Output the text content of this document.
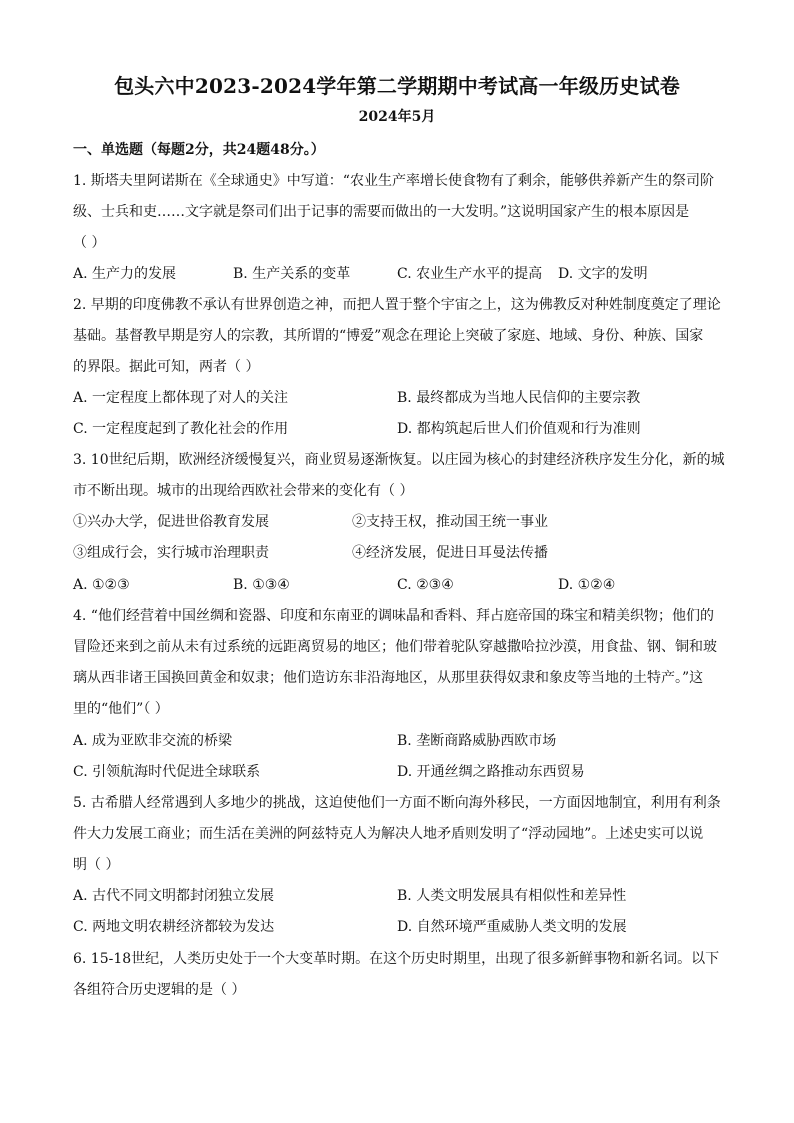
包头六中2023-2024学年第二学期期中考试高一年级历史试卷
2024年5月
一、单选题（每题2分，共24题48分。）
1. 斯塔夫里阿诺斯在《全球通史》中写道：“农业生产率增长使食物有了剩余，能够供养新产生的祭司阶
级、士兵和吏……文字就是祭司们出于记事的需要而做出的一大发明。”这说明国家产生的根本原因是
（ ）
A. 生产力的发展	B. 生产关系的变革	C. 农业生产水平的提高 D. 文字的发明
2. 早期的印度佛教不承认有世界创造之神，而把人置于整个宇宙之上，这为佛教反对种姓制度奠定了理论
基础。基督教早期是穷人的宗教，其所谓的“博爱”观念在理论上突破了家庭、地域、身份、种族、国家
的界限。据此可知，两者（ ）
A. 一定程度上都体现了对人的关注	B. 最终都成为当地人民信仰的主要宗教
C. 一定程度起到了教化社会的作用	D. 都构筑起后世人们价值观和行为准则
3. 10世纪后期，欧洲经济缓慢复兴，商业贸易逐渐恢复。以庄园为核心的封建经济秩序发生分化，新的城
市不断出现。城市的出现给西欧社会带来的变化有（ ）
①兴办大学，促进世俗教育发展	②支持王权，推动国王统一事业
③组成行会，实行城市治理职责	④经济发展，促进日耳曼法传播
A. ①②③	B. ①③④	C. ②③④	D. ①②④
4. “他们经营着中国丝绸和瓷器、印度和东南亚的调味晶和香料、拜占庭帝国的珠宝和精美织物；他们的
冒险还来到之前从未有过系统的远距离贸易的地区；他们带着驼队穿越撒哈拉沙漠，用食盐、钢、铜和玻
璃从西非诸王国换回黄金和奴隶；他们造访东非沿海地区，从那里获得奴隶和象皮等当地的土特产。”这
里的“他们”（ ）
A. 成为亚欧非交流的桥梁	B. 垄断商路威胁西欧市场
C. 引领航海时代促进全球联系	D. 开通丝绸之路推动东西贸易
5. 古希腊人经常遇到人多地少的挑战，这迫使他们一方面不断向海外移民，一方面因地制宜，利用有利条
件大力发展工商业；而生活在美洲的阿兹特克人为解决人地矛盾则发明了“浮动园地”。上述史实可以说
明（ ）
A. 古代不同文明都封闭独立发展	B. 人类文明发展具有相似性和差异性
C. 两地文明农耕经济都较为发达	D. 自然环境严重威胁人类文明的发展
6. 15-18世纪，人类历史处于一个大变革时期。在这个历史时期里，出现了很多新鲜事物和新名词。以下
各组符合历史逻辑的是（ ）
